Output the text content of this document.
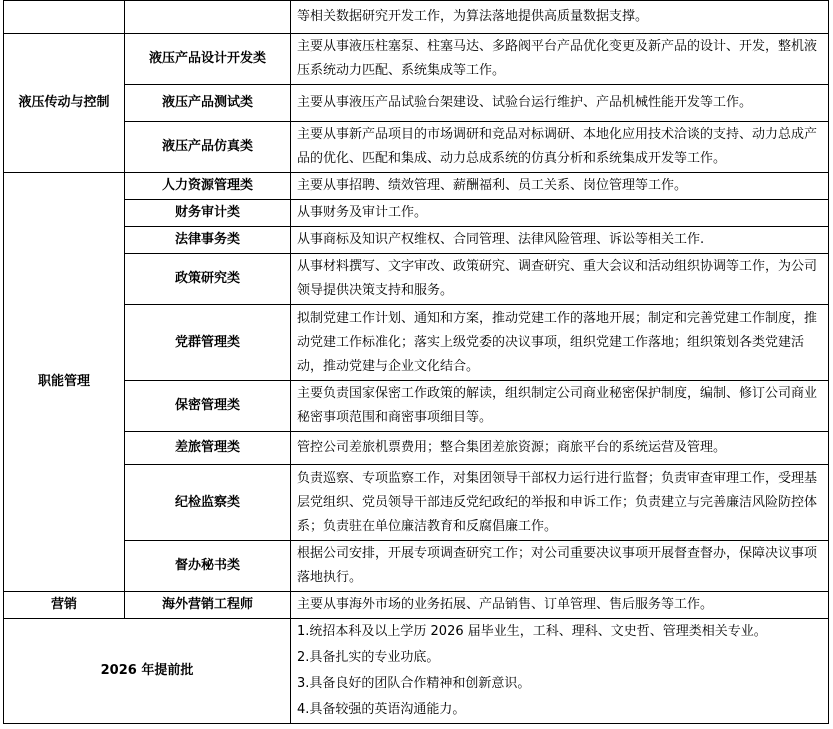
		等相关数据研究开发工作，为算法落地提供高质量数据支撑。
液压传动与控制	液压产品设计开发类	主要从事液压柱塞泵、柱塞马达、多路阀平台产品优化变更及新产品的设计、开发，整机液压系统动力匹配、系统集成等工作。
	液压产品测试类	主要从事液压产品试验台架建设、试验台运行维护、产品机械性能开发等工作。
	液压产品仿真类	主要从事新产品项目的市场调研和竞品对标调研、本地化应用技术洽谈的支持、动力总成产品的优化、匹配和集成、动力总成系统的仿真分析和系统集成开发等工作。
职能管理	人力资源管理类	主要从事招聘、绩效管理、薪酬福利、员工关系、岗位管理等工作。
	财务审计类	从事财务及审计工作。
	法律事务类	从事商标及知识产权维权、合同管理、法律风险管理、诉讼等相关工作.
	政策研究类	从事材料撰写、文字审改、政策研究、调查研究、重大会议和活动组织协调等工作，为公司领导提供决策支持和服务。
	党群管理类	拟制党建工作计划、通知和方案，推动党建工作的落地开展；制定和完善党建工作制度，推动党建工作标准化；落实上级党委的决议事项，组织党建工作落地；组织策划各类党建活动，推动党建与企业文化结合。
	保密管理类	主要负责国家保密工作政策的解读，组织制定公司商业秘密保护制度，编制、修订公司商业秘密事项范围和商密事项细目等。
	差旅管理类	管控公司差旅机票费用；整合集团差旅资源；商旅平台的系统运营及管理。
	纪检监察类	负责巡察、专项监察工作，对集团领导干部权力运行进行监督；负责审查审理工作，受理基层党组织、党员领导干部违反党纪政纪的举报和申诉工作；负责建立与完善廉洁风险防控体系；负责驻在单位廉洁教育和反腐倡廉工作。
	督办秘书类	根据公司安排，开展专项调查研究工作；对公司重要决议事项开展督查督办，保障决议事项落地执行。
营销	海外营销工程师	主要从事海外市场的业务拓展、产品销售、订单管理、售后服务等工作。
2026 年提前批		1.统招本科及以上学历 2026 届毕业生，工科、理科、文史哲、管理类相关专业。
2.具备扎实的专业功底。
3.具备良好的团队合作精神和创新意识。
4.具备较强的英语沟通能力。
